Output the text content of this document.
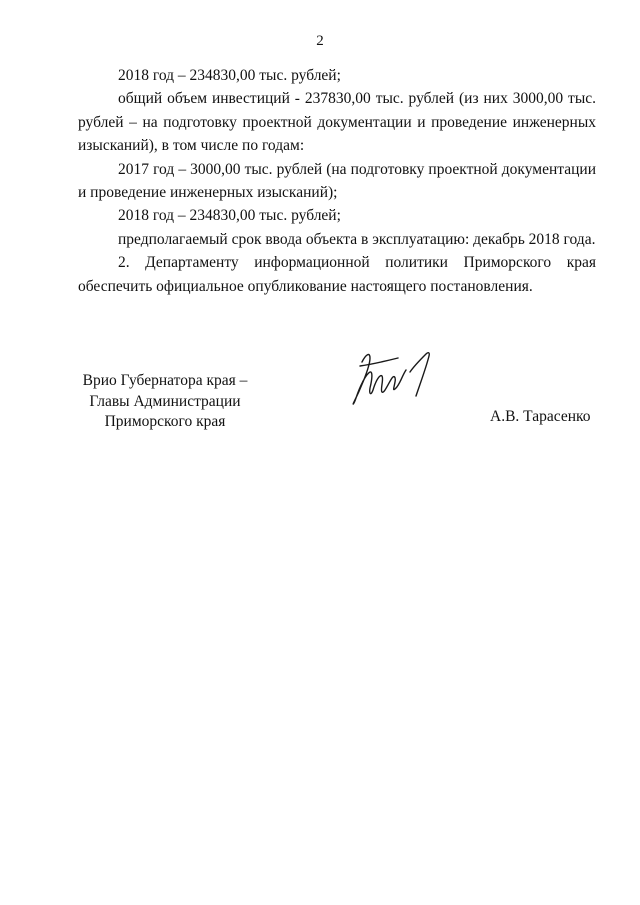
2

2018 год – 234830,00 тыс. рублей;

общий объем инвестиций - 237830,00 тыс. рублей (из них 3000,00 тыс. рублей – на подготовку проектной документации и проведение инженерных изысканий), в том числе по годам:

2017 год – 3000,00 тыс. рублей (на подготовку проектной документации и проведение инженерных изысканий);

2018 год – 234830,00 тыс. рублей;

предполагаемый срок ввода объекта в эксплуатацию: декабрь 2018 года.

2. Департаменту информационной политики Приморского края

обеспечить официальное опубликование настоящего постановления.

Врио Губернатора края –
Главы Администрации
Приморского края	А.В. Тарасенко
